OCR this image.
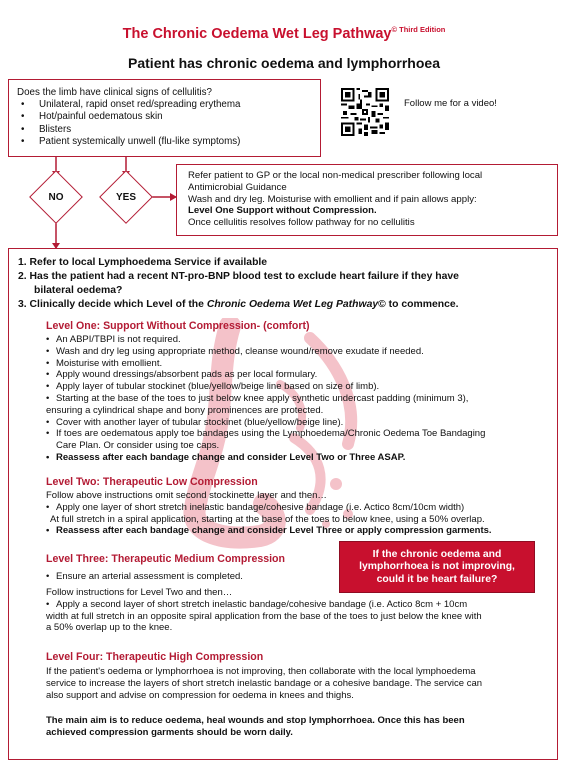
The Chronic Oedema Wet Leg Pathway$^{© Third Edition}$
Patient has chronic oedema and lymphorrhoea
Does the limb have clinical signs of cellulitis?
• Unilateral, rapid onset red/spreading erythema
• Hot/painful oedematous skin
• Blisters
• Patient systemically unwell (flu-like symptoms)
Follow me for a video!
NO	YES
Refer patient to GP or the local non-medical prescriber following local
Antimicrobial Guidance
Wash and dry leg. Moisturise with emollient and if pain allows apply:
Level One Support without Compression.
Once cellulitis resolves follow pathway for no cellulitis
1. Refer to local Lymphoedema Service if available
2. Has the patient had a recent NT-pro-BNP blood test to exclude heart failure if they have
bilateral oedema?
3. Clinically decide which Level of the Chronic Oedema Wet Leg Pathway© to commence.
Level One: Support Without Compression- (comfort)
• An ABPI/TBPI is not required.
• Wash and dry leg using appropriate method, cleanse wound/remove exudate if needed.
• Moisturise with emollient.
• Apply wound dressings/absorbent pads as per local formulary.
• Apply layer of tubular stockinet (blue/yellow/beige line based on size of limb).
• Starting at the base of the toes to just below knee apply synthetic undercast padding (minimum 3),
ensuring a cylindrical shape and bony prominences are protected.
• Cover with another layer of tubular stockinet (blue/yellow/beige line).
• If toes are oedematous apply toe bandages using the Lymphoedema/Chronic Oedema Toe Bandaging
Care Plan. Or consider using toe caps.
• Reassess after each bandage change and consider Level Two or Three ASAP.
Level Two: Therapeutic Low Compression
Follow above instructions omit second stockinette layer and then…
• Apply one layer of short stretch inelastic bandage/cohesive bandage (i.e. Actico 8cm/10cm width)
At full stretch in a spiral application, starting at the base of the toes to below knee, using a 50% overlap.
• Reassess after each bandage change and consider Level Three or apply compression garments.
Level Three: Therapeutic Medium Compression
• Ensure an arterial assessment is completed.
Follow instructions for Level Two and then…
• Apply a second layer of short stretch inelastic bandage/cohesive bandage (i.e. Actico 8cm + 10cm
width at full stretch in an opposite spiral application from the base of the toes to just below the knee with
a 50% overlap up to the knee.
If the chronic oedema and
lymphorrhoea is not improving,
could it be heart failure?
Level Four: Therapeutic High Compression
If the patient's oedema or lymphorrhoea is not improving, then collaborate with the local lymphoedema
service to increase the layers of short stretch inelastic bandage or a cohesive bandage. The service can
also support and advise on compression for oedema in knees and thighs.
The main aim is to reduce oedema, heal wounds and stop lymphorrhoea. Once this has been
achieved compression garments should be worn daily.
